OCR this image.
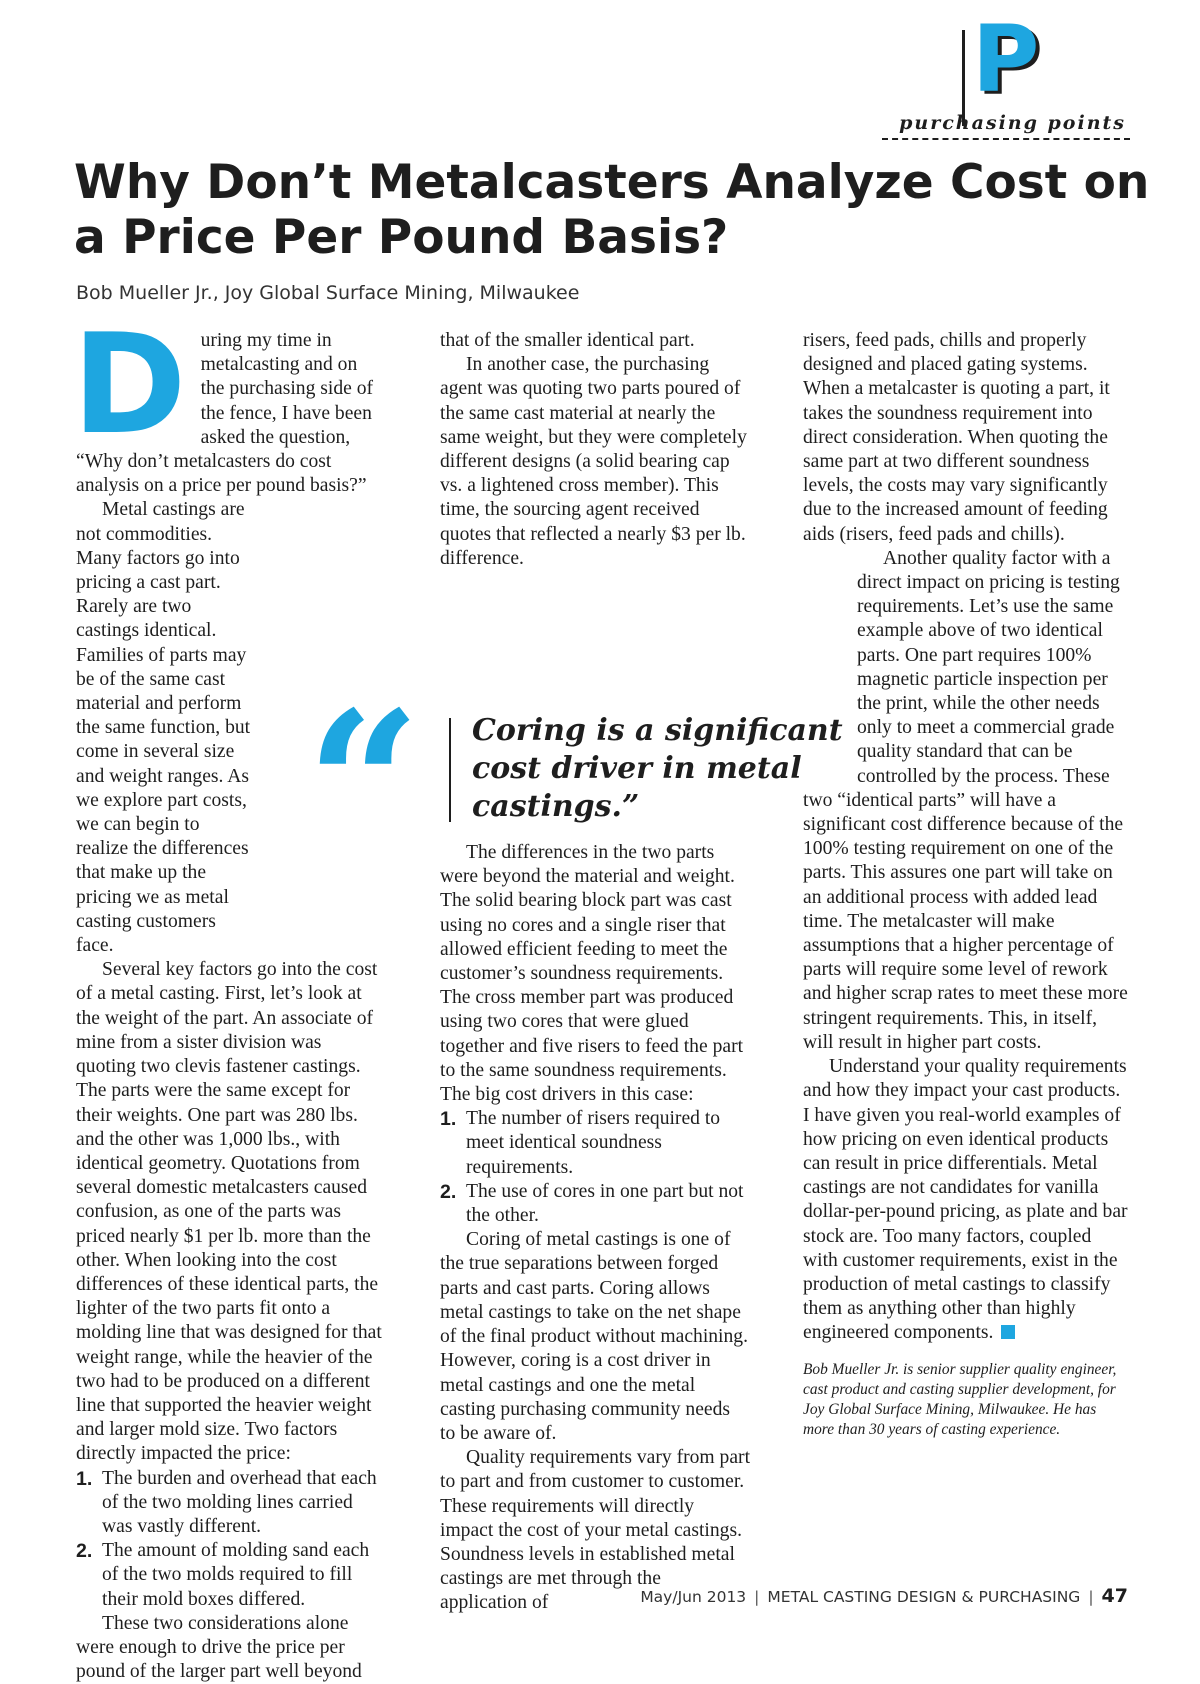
P
purchasing points
Why Don’t Metalcasters Analyze Cost on a Price Per Pound Basis?
Bob Mueller Jr., Joy Global Surface Mining, Milwaukee
D uring my time in metalcasting and on the purchasing side of the fence, I have been asked the question, “Why don’t metalcasters do cost analysis on a price per pound basis?”

Metal castings are not commodities. Many factors go into pricing a cast part. Rarely are two castings identical. Families of parts may be of the same cast material and perform the same function, but come in several size and weight ranges. As we explore part costs, we can begin to realize the differences that make up the pricing we as metal casting customers face.

Several key factors go into the cost of a metal casting. First, let’s look at the weight of the part. An associate of mine from a sister division was quoting two clevis fastener castings. The parts were the same except for their weights. One part was 280 lbs. and the other was 1,000 lbs., with identical geometry. Quotations from several domestic metalcasters caused confusion, as one of the parts was priced nearly $1 per lb. more than the other. When looking into the cost differences of these identical parts, the lighter of the two parts fit onto a molding line that was designed for that weight range, while the heavier of the two had to be produced on a different line that supported the heavier weight and larger mold size. Two factors directly impacted the price:

1. The burden and overhead that each of the two molding lines carried was vastly different.
2. The amount of molding sand each of the two molds required to fill their mold boxes differed.

These two considerations alone were enough to drive the price per pound of the larger part well beyond

that of the smaller identical part.

In another case, the purchasing agent was quoting two parts poured of the same cast material at nearly the same weight, but they were completely different designs (a solid bearing cap vs. a lightened cross member). This time, the sourcing agent received quotes that reflected a nearly $3 per lb. difference.

The differences in the two parts were beyond the material and weight. The solid bearing block part was cast using no cores and a single riser that allowed efficient feeding to meet the customer’s soundness requirements. The cross member part was produced using two cores that were glued together and five risers to feed the part to the same soundness requirements. The big cost drivers in this case:

1. The number of risers required to meet identical soundness requirements.
2. The use of cores in one part but not the other.

Coring of metal castings is one of the true separations between forged parts and cast parts. Coring allows metal castings to take on the net shape of the final product without machining. However, coring is a cost driver in metal castings and one the metal casting purchasing community needs to be aware of.

Quality requirements vary from part to part and from customer to customer. These requirements will directly impact the cost of your metal castings. Soundness levels in established metal castings are met through the application of

risers, feed pads, chills and properly designed and placed gating systems. When a metalcaster is quoting a part, it takes the soundness requirement into direct consideration. When quoting the same part at two different soundness levels, the costs may vary significantly due to the increased amount of feeding aids (risers, feed pads and chills).

Another quality factor with a direct impact on pricing is testing requirements. Let’s use the same example above of two identical parts. One part requires 100% magnetic particle inspection per the print, while the other needs only to meet a commercial grade quality standard that can be controlled by the process. These two “identical parts” will have a significant cost difference because of the 100% testing requirement on one of the parts. This assures one part will take on an additional process with added lead time. The metalcaster will make assumptions that a higher percentage of parts will require some level of rework and higher scrap rates to meet these more stringent requirements. This, in itself, will result in higher part costs.

Understand your quality requirements and how they impact your cast products. I have given you real-world examples of how pricing on even identical products can result in price differentials. Metal castings are not candidates for vanilla dollar-per-pound pricing, as plate and bar stock are. Too many factors, coupled with customer requirements, exist in the production of metal castings to classify them as anything other than highly engineered components.

Bob Mueller Jr. is senior supplier quality engineer, cast product and casting supplier development, for Joy Global Surface Mining, Milwaukee. He has more than 30 years of casting experience.
“ Coring is a significant cost driver in metal castings.”

May/Jun 2013 | METAL CASTING DESIGN & PURCHASING | 47
